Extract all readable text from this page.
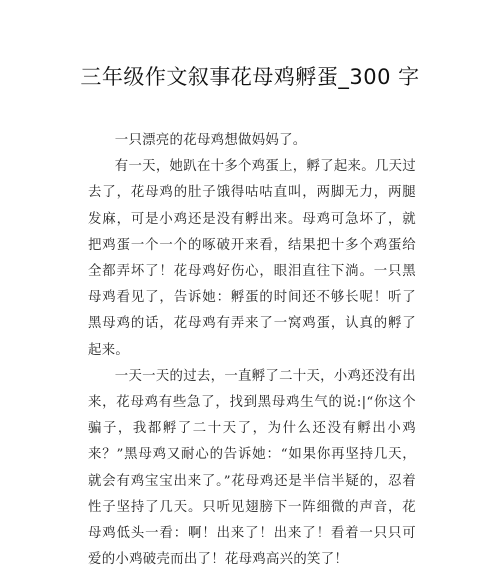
三年级作文叙事花母鸡孵蛋_300 字

一只漂亮的花母鸡想做妈妈了。

有一天，她趴在十多个鸡蛋上，孵了起来。几天过去了，花母鸡的肚子饿得咕咕直叫，两脚无力，两腿发麻，可是小鸡还是没有孵出来。母鸡可急坏了，就把鸡蛋一个一个的啄破开来看，结果把十多个鸡蛋给全都弄坏了！花母鸡好伤心，眼泪直往下淌。一只黑母鸡看见了，告诉她：孵蛋的时间还不够长呢！听了黑母鸡的话，花母鸡有弄来了一窝鸡蛋，认真的孵了起来。

一天一天的过去，一直孵了二十天，小鸡还没有出来，花母鸡有些急了，找到黑母鸡生气的说:|“你这个骗子，我都孵了二十天了，为什么还没有孵出小鸡来？”黑母鸡又耐心的告诉她：“如果你再坚持几天，就会有鸡宝宝出来了。”花母鸡还是半信半疑的，忍着性子坚持了几天。只听见翅膀下一阵细微的声音，花母鸡低头一看：啊！出来了！出来了！看着一只只可爱的小鸡破壳而出了！花母鸡高兴的笑了！
